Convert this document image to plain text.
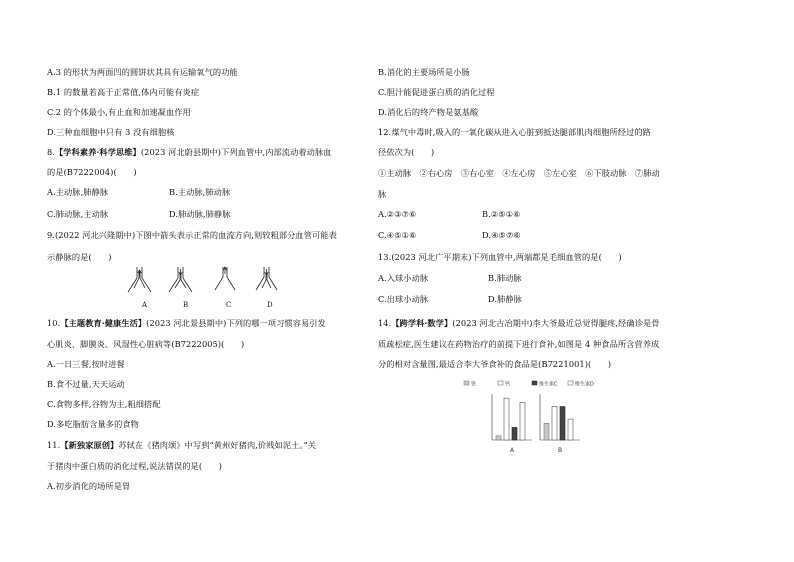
A.3 的形状为两面凹的圆饼状其具有运输氧气的功能
B.1 的数量若高于正常值,体内可能有炎症
C.2 的个体最小,有止血和加速凝血作用
D.三种血细胞中只有 3 没有细胞核
8.【学科素养·科学思维】(2023 河北蔚县期中)下列血管中,内部流动着动脉血
的是(B7222004)(　　)
A.主动脉,肺静脉	B.主动脉,肺动脉
C.肺动脉,主动脉	D.肺动脉,肺静脉
9.(2022 河北兴隆期中)下图中箭头表示正常的血流方向,则较粗部分血管可能表
示静脉的是(　　)
A	B	C	D
10.【主题教育·健康生活】(2023 河北景县期中)下列的哪一项习惯容易引发
心肌炎、脚膜炎、风湿性心脏病等(B7222005)(　　)
A.一日三餐,按时进餐
B.食不过量,天天运动
C.食物多样,谷物为主,粗细搭配
D.多吃脂肪含量多的食物
11.【新独家原创】苏轼在《猪肉颂》中写到“黄州好猪肉,价贱如泥土。”关
于猪肉中蛋白质的消化过程,说法错误的是(　　)
A.初步消化的场所是胃
B.消化的主要场所是小肠
C.胆汁能促进蛋白质的消化过程
D.消化后的终产物是氨基酸
12.煤气中毒时,吸入的一氧化碳从进入心脏到抵达腿部肌肉细胞所经过的路
径依次为(　　)
①主动脉　②右心房　③右心室　④左心房　⑤左心室　⑥下肢动脉　⑦肺动
脉
A.②③⑦⑥	B.②⑤①⑥
C.④⑤①⑥	D.④⑤⑦⑥
13.(2023 河北广平期末)下列血管中,两端都是毛细血管的是(　　)
A.入球小动脉	B.肺动脉
C.出球小动脉	D.肺静脉
14.【跨学科·数学】(2023 河北古冶期中)李大爷最近总觉得腿疼,经确诊是骨
质疏松症,医生建议在药物治疗的前提下进行食补,如图是 4 种食品所含营养成
分的相对含量图,最适合李大爷食补的食品是(B7221001)(　　)
铁	钙	维生素C	维生素D
A	B
